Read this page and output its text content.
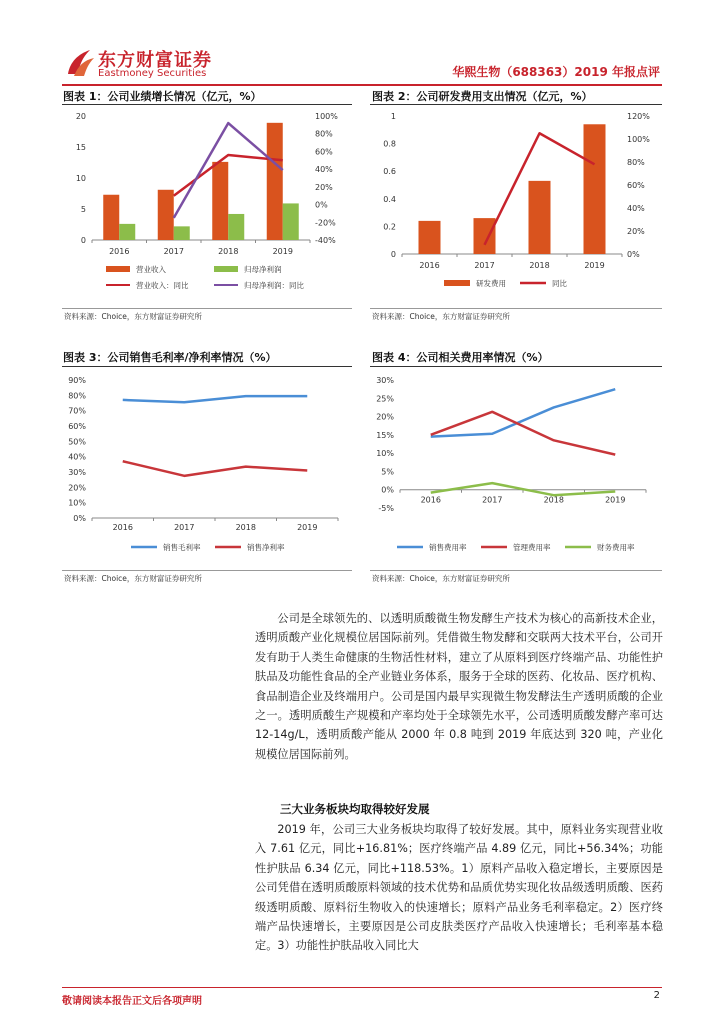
东方财富证券
Eastmoney Securities	华熙生物（688363）2019 年报点评
图表 1：公司业绩增长情况（亿元，%）	图表 2：公司研发费用支出情况（亿元，%）
资料来源：Choice，东方财富证券研究所	资料来源：Choice，东方财富证券研究所
图表 3：公司销售毛利率/净利率情况（%）	图表 4：公司相关费用率情况（%）
资料来源：Choice，东方财富证券研究所	资料来源：Choice，东方财富证券研究所
0
5
10
15
20
-40%
-20%
0%
20%
40%
60%
80%
100%
2016	2017	2018	2019
营业收入	归母净利润
营业收入：同比	归母净利润：同比
0
0.2
0.4
0.6
0.8
1
0%
20%
40%
60%
80%
100%
120%
2016	2017	2018	2019
研发费用	同比
0%
10%
20%
30%
40%
50%
60%
70%
80%
90%
2016	2017	2018	2019
销售毛利率	销售净利率
-5%
0%
5%
10%
15%
20%
25%
30%
2016	2017	2018	2019
销售费用率	管理费用率	财务费用率

公司是全球领先的、以透明质酸微生物发酵生产技术为核心的高新技术企业，透明质酸产业化规模位居国际前列。凭借微生物发酵和交联两大技术平台，公司开发有助于人类生命健康的生物活性材料，建立了从原料到医疗终端产品、功能性护肤品及功能性食品的全产业链业务体系，服务于全球的医药、化妆品、医疗机构、食品制造企业及终端用户。公司是国内最早实现微生物发酵法生产透明质酸的企业之一。透明质酸生产规模和产率均处于全球领先水平，公司透明质酸发酵产率可达 12-14g/L，透明质酸产能从 2000 年 0.8 吨到 2019 年底达到 320 吨，产业化规模位居国际前列。

三大业务板块均取得较好发展

2019 年，公司三大业务板块均取得了较好发展。其中，原料业务实现营业收入 7.61 亿元，同比+16.81%；医疗终端产品 4.89 亿元，同比+56.34%；功能性护肤品 6.34 亿元，同比+118.53%。1）原料产品收入稳定增长，主要原因是公司凭借在透明质酸原料领域的技术优势和品质优势实现化妆品级透明质酸、医药级透明质酸、原料衍生物收入的快速增长；原料产品业务毛利率稳定。2）医疗终端产品快速增长，主要原因是公司皮肤类医疗产品收入快速增长；毛利率基本稳定。3）功能性护肤品收入同比大

敬请阅读本报告正文后各项声明
2
